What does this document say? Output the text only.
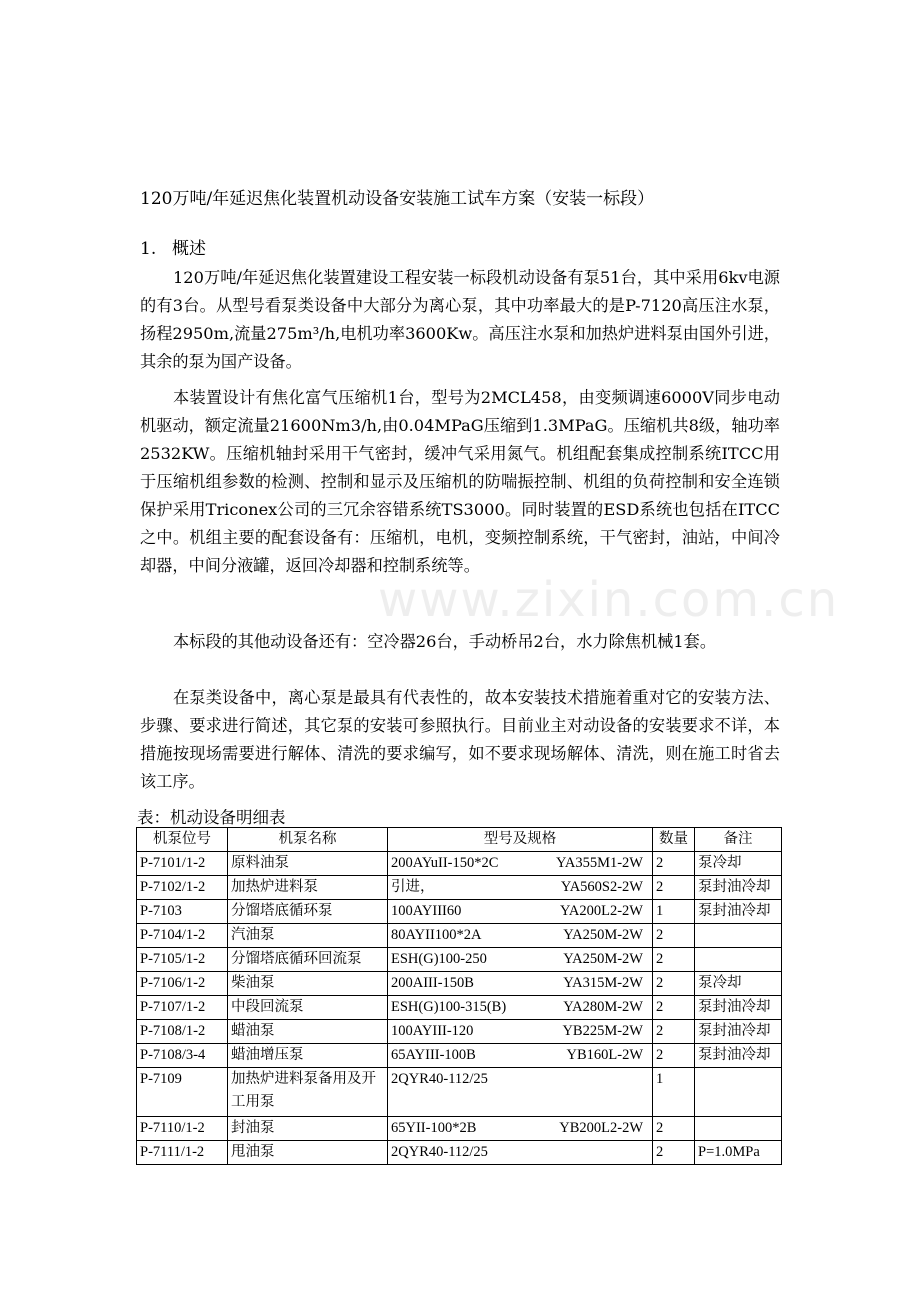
www.zixin.com.cn
120万吨/年延迟焦化装置机动设备安装施工试车方案（安装一标段）
1. 概述

120万吨/年延迟焦化装置建设工程安装一标段机动设备有泵51台，其中采用6kv电源的有3台。从型号看泵类设备中大部分为离心泵，其中功率最大的是P-7120高压注水泵，扬程2950m,流量275m³/h,电机功率3600Kw。高压注水泵和加热炉进料泵由国外引进，其余的泵为国产设备。

本装置设计有焦化富气压缩机1台，型号为2MCL458，由变频调速6000V同步电动机驱动，额定流量21600Nm3/h,由0.04MPaG压缩到1.3MPaG。压缩机共8级，轴功率2532KW。压缩机轴封采用干气密封，缓冲气采用氮气。机组配套集成控制系统ITCC用于压缩机组参数的检测、控制和显示及压缩机的防喘振控制、机组的负荷控制和安全连锁保护采用Triconex公司的三冗余容错系统TS3000。同时装置的ESD系统也包括在ITCC之中。机组主要的配套设备有：压缩机，电机，变频控制系统，干气密封，油站，中间冷却器，中间分液罐，返回冷却器和控制系统等。

本标段的其他动设备还有：空冷器26台，手动桥吊2台，水力除焦机械1套。

在泵类设备中，离心泵是最具有代表性的，故本安装技术措施着重对它的安装方法、步骤、要求进行简述，其它泵的安装可参照执行。目前业主对动设备的安装要求不详，本措施按现场需要进行解体、清洗的要求编写，如不要求现场解体、清洗，则在施工时省去该工序。

表：机动设备明细表
机泵位号	机泵名称	型号及规格	数量	备注
P-7101/1-2	原料油泵	200AYuII-150*2C YA355M1-2W	2	泵冷却
P-7102/1-2	加热炉进料泵	引进， YA560S2-2W	2	泵封油冷却
P-7103	分馏塔底循环泵	100AYIII60 YA200L2-2W	1	泵封油冷却
P-7104/1-2	汽油泵	80AYII100*2A YA250M-2W	2	
P-7105/1-2	分馏塔底循环回流泵	ESH(G)100-250 YA250M-2W	2	
P-7106/1-2	柴油泵	200AIII-150B YA315M-2W	2	泵冷却
P-7107/1-2	中段回流泵	ESH(G)100-315(B) YA280M-2W	2	泵封油冷却
P-7108/1-2	蜡油泵	100AYIII-120 YB225M-2W	2	泵封油冷却
P-7108/3-4	蜡油增压泵	65AYIII-100B YB160L-2W	2	泵封油冷却
P-7109	加热炉进料泵备用及开工用泵	2QYR40-112/25	1	
P-7110/1-2	封油泵	65YII-100*2B YB200L2-2W	2	
P-7111/1-2	甩油泵	2QYR40-112/25	2	P=1.0MPa
